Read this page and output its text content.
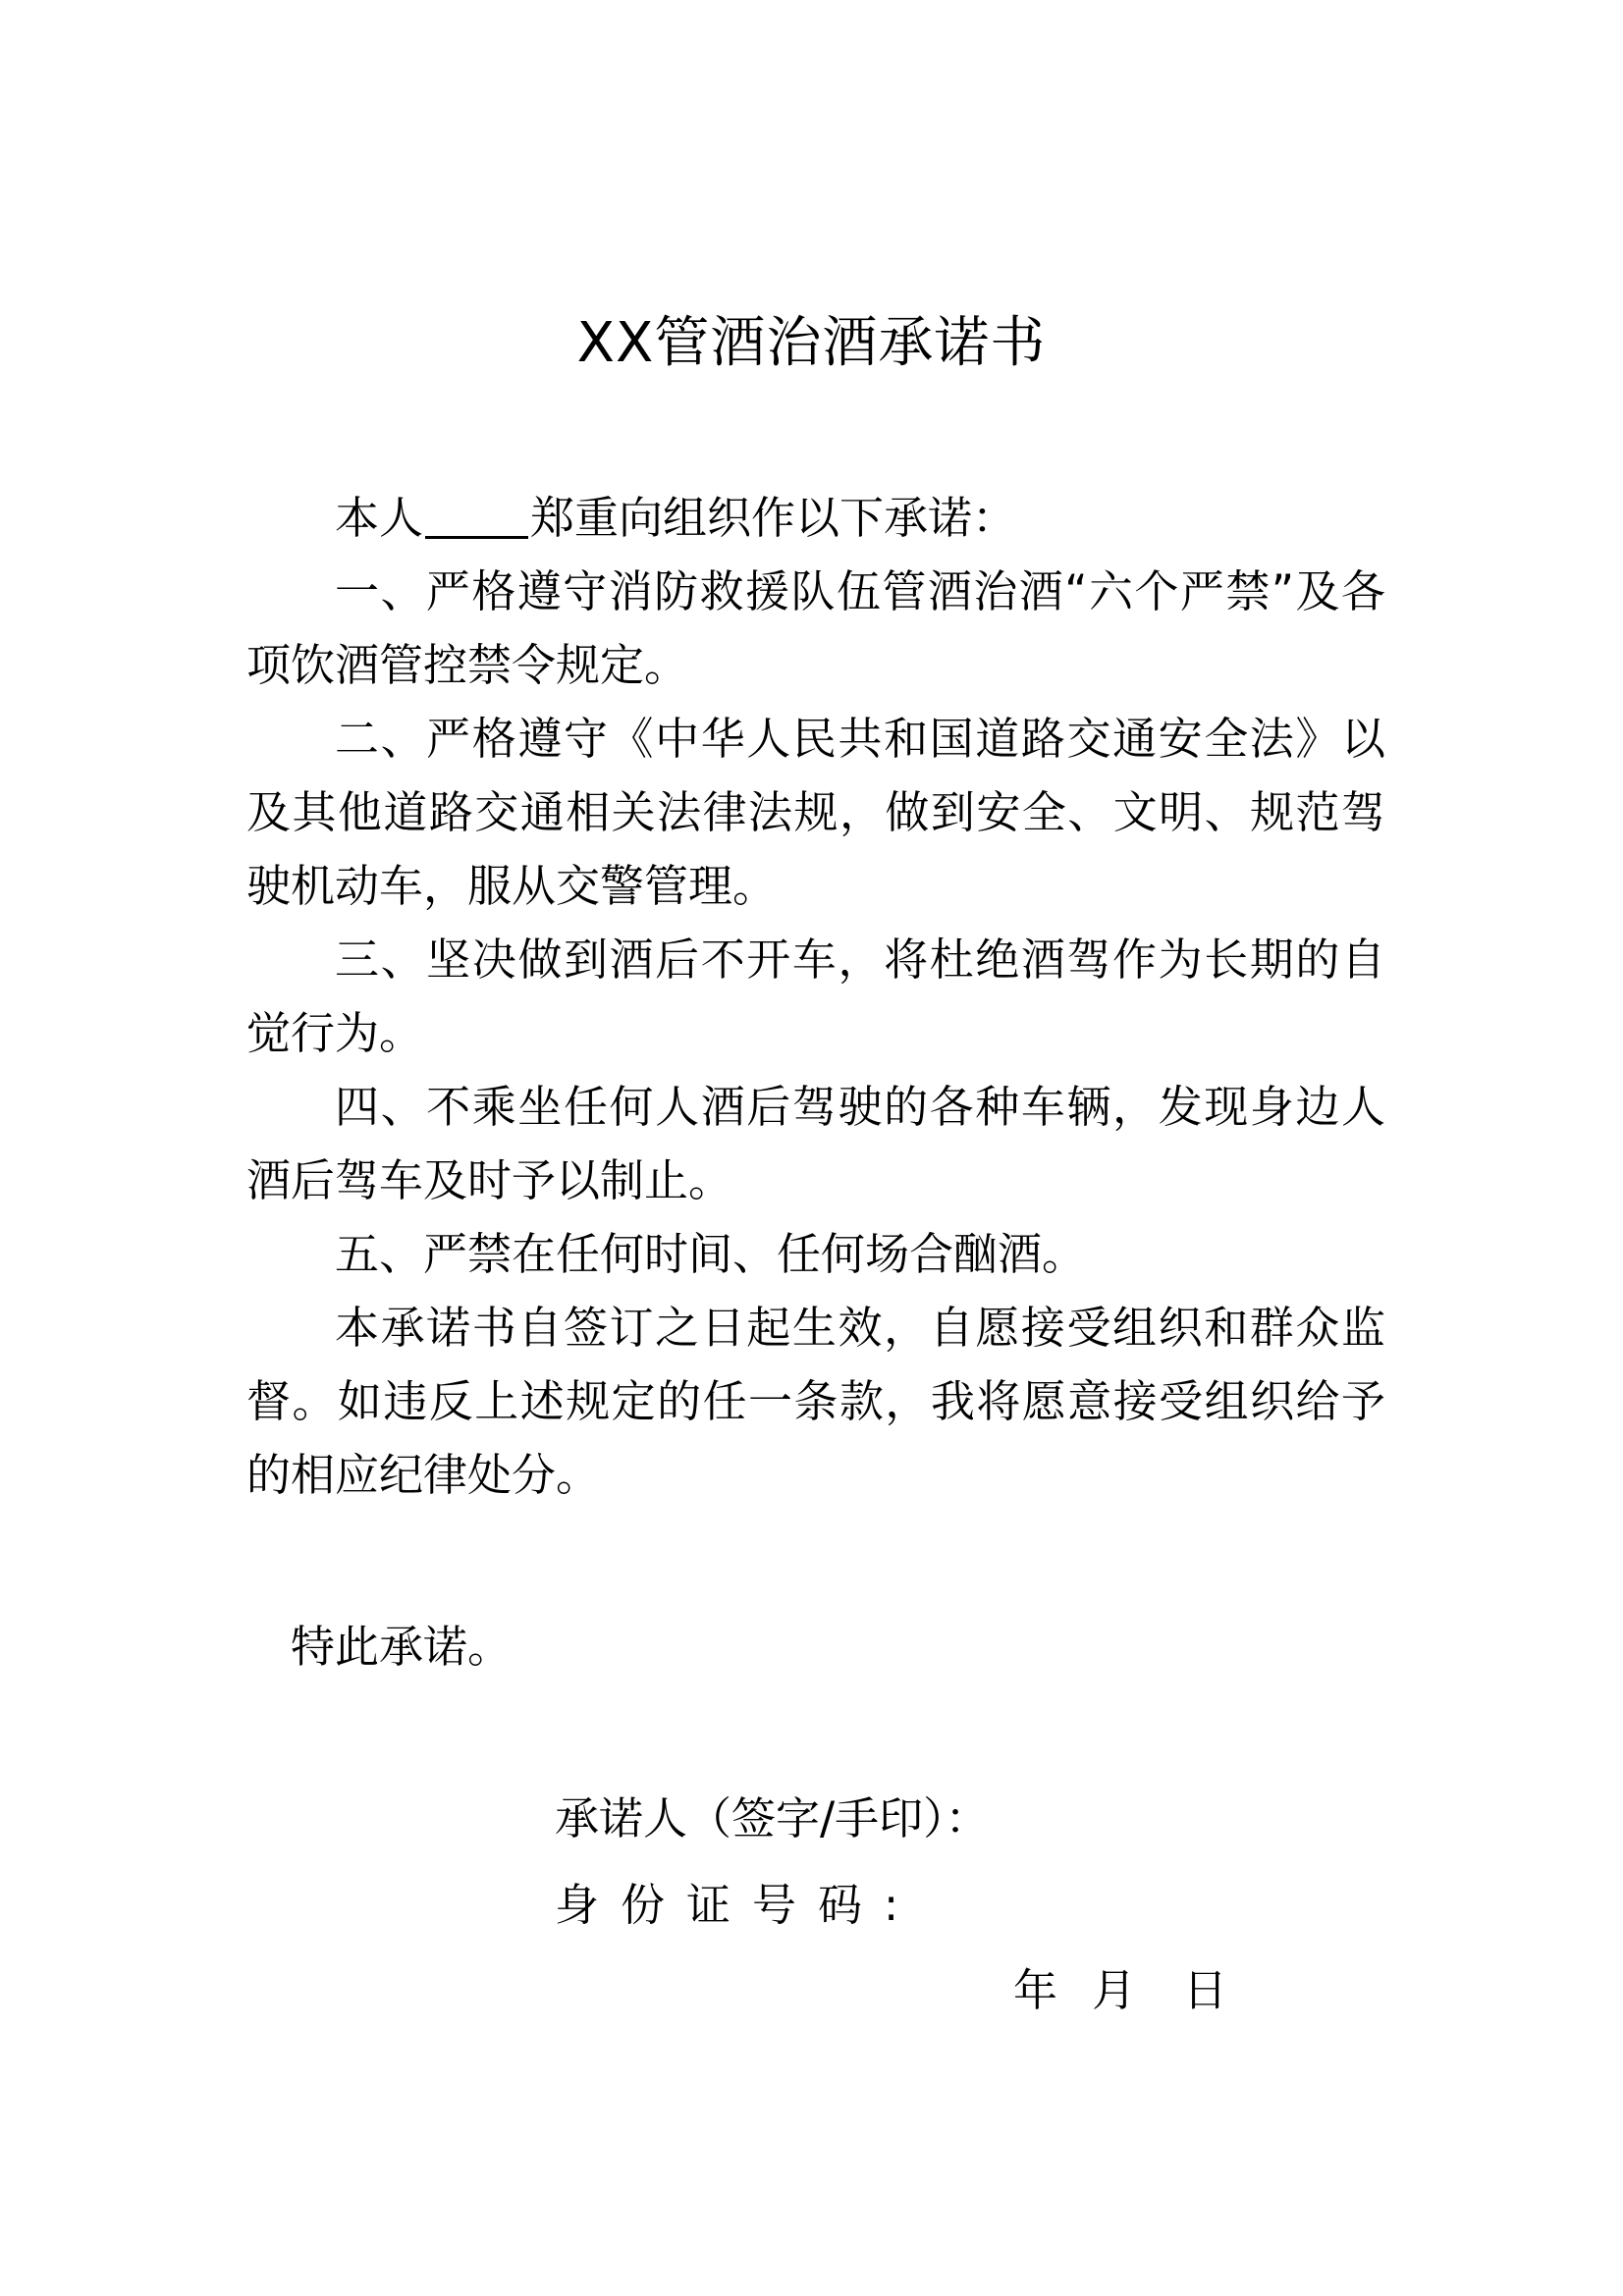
XX管酒治酒承诺书

本人 郑重向组织作以下承诺：

一、严格遵守消防救援队伍管酒治酒“六个严禁”及各项饮酒管控禁令规定。

二、严格遵守《中华人民共和国道路交通安全法》以及其他道路交通相关法律法规，做到安全、文明、规范驾驶机动车，服从交警管理。

三、坚决做到酒后不开车，将杜绝酒驾作为长期的自觉行为。

四、不乘坐任何人酒后驾驶的各种车辆，发现身边人酒后驾车及时予以制止。

五、严禁在任何时间、任何场合酗酒。

本承诺书自签订之日起生效，自愿接受组织和群众监督。如违反上述规定的任一条款，我将愿意接受组织给予的相应纪律处分。

特此承诺。

承诺人（签字/手印）：

身份证号码:

年 月 日
